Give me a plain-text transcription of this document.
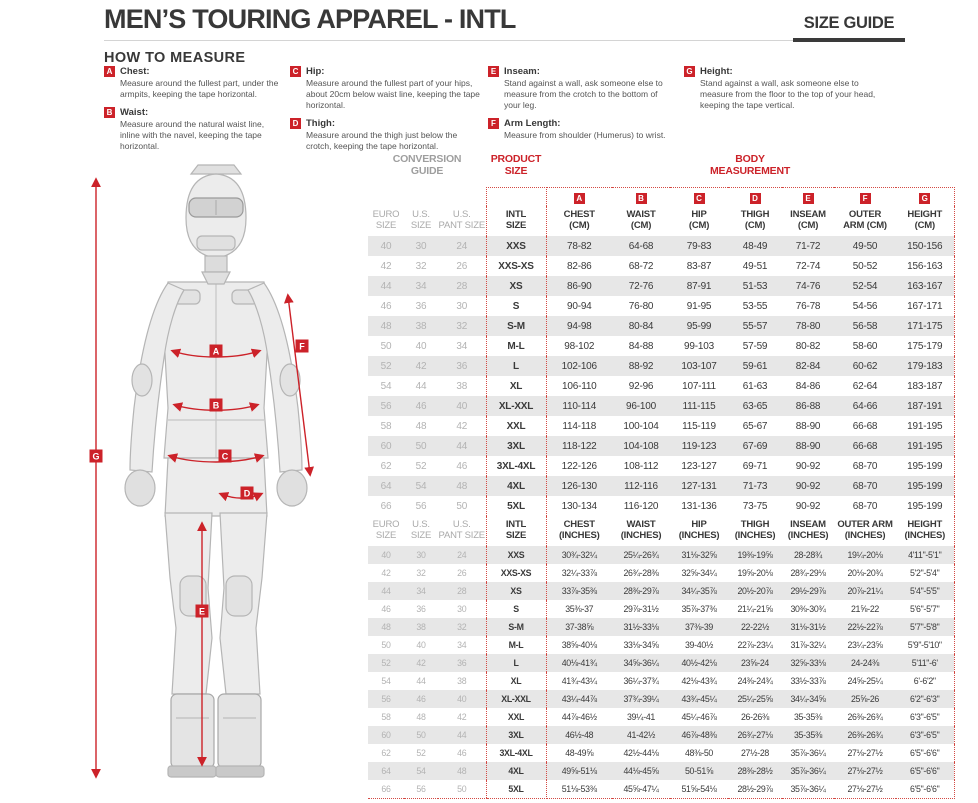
MEN’S TOURING APPAREL - INTL	SIZE GUIDE
HOW TO MEASURE
A Chest:
Measure around the fullest part, under the armpits, keeping the tape horizontal.
B Waist:
Measure around the natural waist line, inline with the navel, keeping the tape horizontal.
C Hip:
Measure around the fullest part of your hips, about 20cm below waist line, keeping the tape horizontal.
D Thigh:
Measure around the thigh just below the crotch, keeping the tape horizontal.
E Inseam:
Stand against a wall, ask someone else to measure from the crotch to the bottom of your leg.
F Arm Length:
Measure from shoulder (Humerus) to wrist.
G Height:
Stand against a wall, ask someone else to measure from the floor to the top of your head, keeping the tape vertical.
A
B
C
D
E
F
G
CONVERSION
GUIDE

PRODUCT
SIZE

BODY
MEASUREMENT

				A	B	C	D	E	F	G

EURO
SIZE

U.S.
SIZE

U.S.
PANT SIZE

INTL
SIZE

CHEST
(CM)

WAIST
(CM)

HIP
(CM)

THIGH
(CM)

INSEAM
(CM)

OUTER
ARM (CM)

HEIGHT
(CM)

40	30	24	XXS	78-82	64-68	79-83	48-49	71-72	49-50	150-156

42	32	26	XXS-XS	82-86	68-72	83-87	49-51	72-74	50-52	156-163

44	34	28	XS	86-90	72-76	87-91	51-53	74-76	52-54	163-167

46	36	30	S	90-94	76-80	91-95	53-55	76-78	54-56	167-171

48	38	32	S-M	94-98	80-84	95-99	55-57	78-80	56-58	171-175

50	40	34	M-L	98-102	84-88	99-103	57-59	80-82	58-60	175-179

52	42	36	L	102-106	88-92	103-107	59-61	82-84	60-62	179-183

54	44	38	XL	106-110	92-96	107-111	61-63	84-86	62-64	183-187

56	46	40	XL-XXL	110-114	96-100	111-115	63-65	86-88	64-66	187-191

58	48	42	XXL	114-118	100-104	115-119	65-67	88-90	66-68	191-195

60	50	44	3XL	118-122	104-108	119-123	67-69	88-90	66-68	191-195

62	52	46	3XL-4XL	122-126	108-112	123-127	69-71	90-92	68-70	195-199

64	54	48	4XL	126-130	112-116	127-131	71-73	90-92	68-70	195-199

66	56	50	5XL	130-134	116-120	131-136	73-75	90-92	68-70	195-199
EURO
SIZE

U.S.
SIZE

U.S.
PANT SIZE

INTL
SIZE

CHEST
(INCHES)

WAIST
(INCHES)

HIP
(INCHES)

THIGH
(INCHES)

INSEAM
(INCHES)

OUTER ARM
(INCHES)

HEIGHT
(INCHES)

40	30	24	XXS	30¾-32¼	25¼-26¾	31⅛-32⅝	19⅜-19⅝	28-28¾	19¼-20⅛	4'11"-5'1"

42	32	26	XXS-XS	32¼-33⅞	26¾-28⅜	32⅝-34¼	19⅝-20⅛	28¾-29⅛	20⅛-20¾	5'2"-5'4"

44	34	28	XS	33⅞-35⅜	28⅜-29⅞	34¼-35⅞	20½-20⅞	29½-29⅞	20⅞-21¼	5'4"-5'5"

46	36	30	S	35⅜-37	29⅞-31½	35⅞-37⅜	21¼-21⅝	30⅜-30¾	21⅝-22	5'6"-5'7"

48	38	32	S-M	37-38⅝	31½-33⅛	37⅜-39	22-22½	31⅛-31½	22½-22⅞	5'7"-5'8"

50	40	34	M-L	38⅝-40⅛	33⅛-34⅝	39-40½	22⅞-23¼	31⅞-32¼	23¼-23⅝	5'9"-5'10"

52	42	36	L	40⅛-41¾	34⅝-36¼	40½-42⅛	23⅝-24	32⅝-33⅛	24-24⅜	5'11"-6'

54	44	38	XL	41¾-43¼	36¼-37¾	42⅛-43¾	24⅜-24¾	33½-33⅞	24⅝-25¼	6'-6'2"

56	46	40	XL-XXL	43¼-44⅞	37¾-39¼	43¾-45¼	25¼-25⅝	34¼-34⅝	25⅝-26	6'2"-6'3"

58	48	42	XXL	44⅞-46½	39¼-41	45¼-46⅞	26-26⅜	35-35⅜	26⅜-26¾	6'3"-6'5"

60	50	44	3XL	46½-48	41-42½	46⅞-48⅜	26¾-27⅛	35-35⅜	26⅜-26¾	6'3"-6'5"

62	52	46	3XL-4XL	48-49⅝	42½-44⅛	48⅜-50	27½-28	35⅞-36¼	27⅛-27½	6'5"-6'6"

64	54	48	4XL	49⅝-51⅛	44⅛-45⅝	50-51⅝	28⅜-28½	35⅞-36¼	27⅛-27½	6'5"-6'6"

66	56	50	5XL	51⅛-53⅜	45⅝-47¼	51⅝-54⅛	28½-29⅞	35⅞-36¼	27⅛-27½	6'5"-6'6"
